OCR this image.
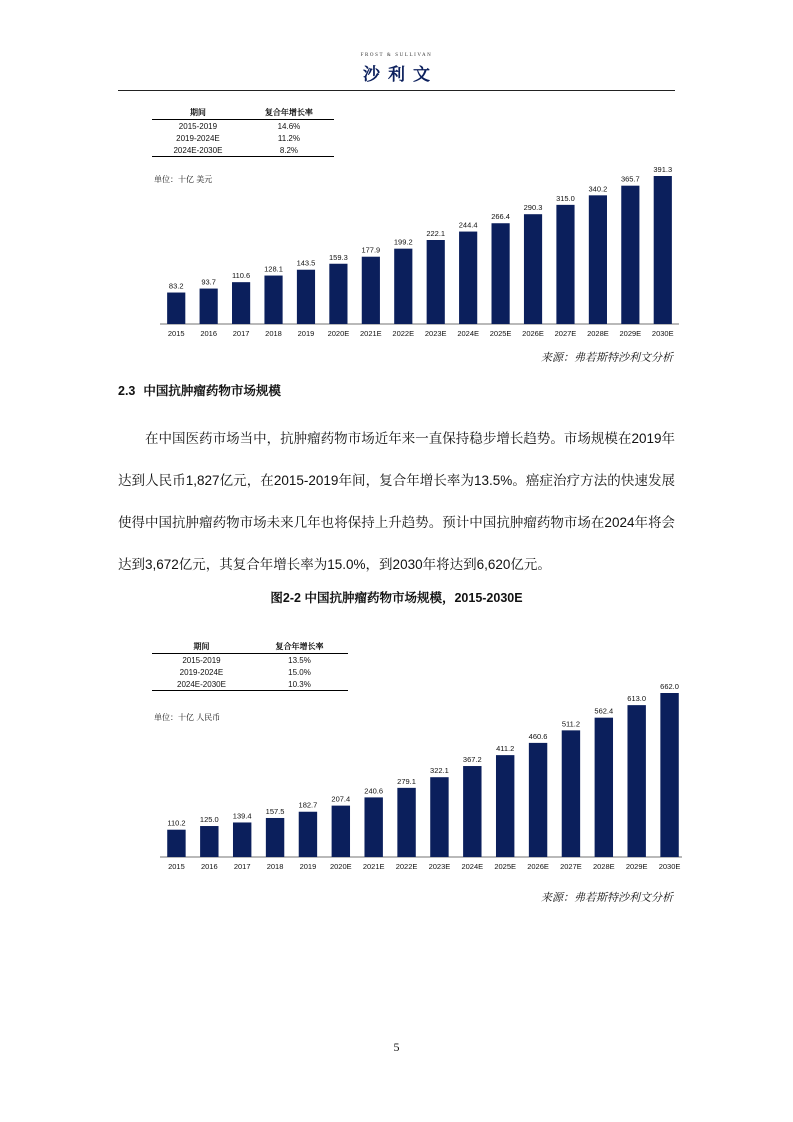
FROST & SULLIVAN
沙利文
期间	复合年增长率
2015-2019	14.6%
2019-2024E	11.2%
2024E-2030E	8.2%
单位：十亿 美元
83.2
2015
93.7
2016
110.6
2017
128.1
2018
143.5
2019
159.3
2020E
177.9
2021E
199.2
2022E
222.1
2023E
244.4
2024E
266.4
2025E
290.3
2026E
315.0
2027E
340.2
2028E
365.7
2029E
391.3
2030E
来源：弗若斯特沙利文分析
2.3 中国抗肿瘤药物市场规模

在中国医药市场当中，抗肿瘤药物市场近年来一直保持稳步增长趋势。市场规模在2019年达到人民币1,827亿元，在2015-2019年间，复合年增长率为13.5%。癌症治疗方法的快速发展使得中国抗肿瘤药物市场未来几年也将保持上升趋势。预计中国抗肿瘤药物市场在2024年将会达到3,672亿元，其复合年增长率为15.0%，到2030年将达到6,620亿元。

图2-2 中国抗肿瘤药物市场规模，2015-2030E
期间	复合年增长率
2015-2019	13.5%
2019-2024E	15.0%
2024E-2030E	10.3%
单位：十亿 人民币
110.2
2015
125.0
2016
139.4
2017
157.5
2018
182.7
2019
207.4
2020E
240.6
2021E
279.1
2022E
322.1
2023E
367.2
2024E
411.2
2025E
460.6
2026E
511.2
2027E
562.4
2028E
613.0
2029E
662.0
2030E
来源：弗若斯特沙利文分析
5
